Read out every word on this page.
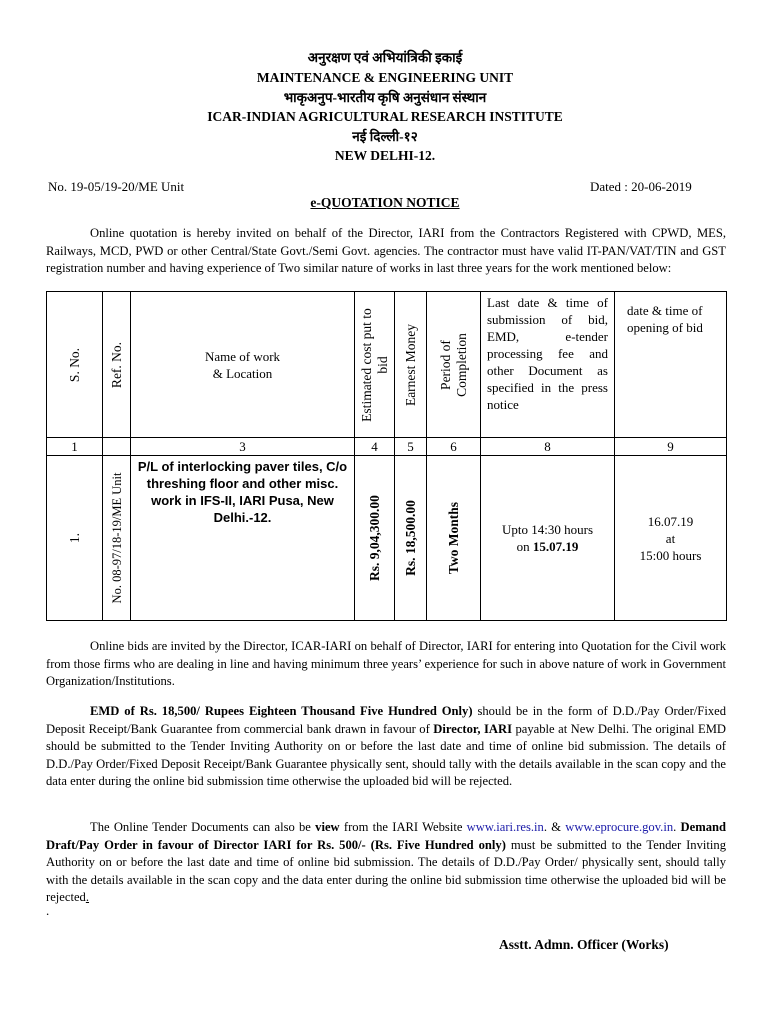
अनुरक्षण एवं अभियांत्रिकी इकाई
MAINTENANCE & ENGINEERING UNIT
भाकृअनुप-भारतीय कृषि अनुसंधान संस्थान
ICAR-INDIAN AGRICULTURAL RESEARCH INSTITUTE
नई दिल्ली-१२
NEW DELHI-12.
No. 19-05/19-20/ME Unit	Dated : 20-06-2019
e-QUOTATION NOTICE
Online quotation is hereby invited on behalf of the Director, IARI from the Contractors Registered with CPWD, MES, Railways, MCD, PWD or other Central/State Govt./Semi Govt. agencies. The contractor must have valid IT-PAN/VAT/TIN and GST registration number and having experience of Two similar nature of works in last three years for the work mentioned below:
S. No.	Ref. No.	Name of work & Location	Estimated cost put to bid	Earnest Money	Period of Completion	Last date & time of submission of bid, EMD, e-tender processing fee and other Document as specified in the press notice	date & time of opening of bid
1		3	4	5	6	8	9

1.	No. 08-97/18-19/ME Unit	P/L of interlocking paver tiles, C/o threshing floor and other misc. work in IFS-II, IARI Pusa, New Delhi.-12.	Rs. 9,04,300.00	Rs. 18,500.00	Two Months	Upto 14:30 hours on 15.07.19	16.07.19
at
15:00 hours
Online bids are invited by the Director, ICAR-IARI on behalf of Director, IARI for entering into Quotation for the Civil work from those firms who are dealing in line and having minimum three years’ experience for such in above nature of work in Government Organization/Institutions.
EMD of Rs. 18,500/ Rupees Eighteen Thousand Five Hundred Only) should be in the form of D.D./Pay Order/Fixed Deposit Receipt/Bank Guarantee from commercial bank drawn in favour of Director, IARI payable at New Delhi. The original EMD should be submitted to the Tender Inviting Authority on or before the last date and time of online bid submission. The details of D.D./Pay Order/Fixed Deposit Receipt/Bank Guarantee physically sent, should tally with the details available in the scan copy and the data enter during the online bid submission time otherwise the uploaded bid will be rejected.
The Online Tender Documents can also be view from the IARI Website www.iari.res.in. & www.eprocure.gov.in. Demand Draft/Pay Order in favour of Director IARI for Rs. 500/- (Rs. Five Hundred only) must be submitted to the Tender Inviting Authority on or before the last date and time of online bid submission. The details of D.D./Pay Order/ physically sent, should tally with the details available in the scan copy and the data enter during the online bid submission time otherwise the uploaded bid will be rejected.
.
Asstt. Admn. Officer (Works)
